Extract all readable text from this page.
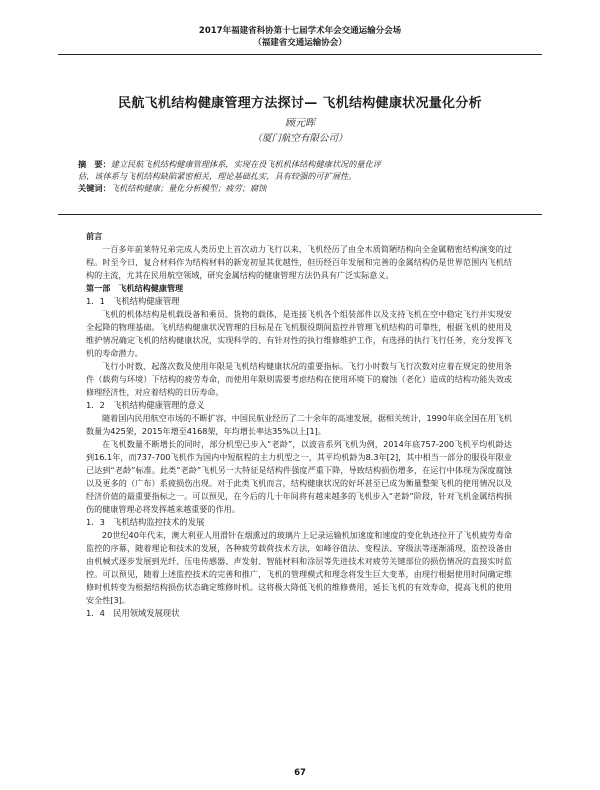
2017年福建省科协第十七届学术年会交通运输分会场
（福建省交通运输协会）
民航飞机结构健康管理方法探讨— 飞机结构健康状况量化分析
顾元晖
（厦门航空有限公司）
摘　要：建立民航飞机结构健康管理体系，实现在役飞机机体结构健康状况的量化评
估，该体系与飞机结构缺陷紧密相关，理论基础扎实，具有较强的可扩展性。
关键词：飞机结构健康；量化分析模型；疲劳；腐蚀

前言

一百多年前莱特兄弟完成人类历史上首次动力飞行以来，飞机经历了由全木质简陋结构向全金属精密结构演变的过程。时至今日，复合材料作为结构材料的新宠初显其优越性，但历经百年发展和完善的金属结构仍是世界范围内飞机结构的主流，尤其在民用航空领域，研究金属结构的健康管理方法仍具有广泛实际意义。

第一部　飞机结构健康管理

1．1　飞机结构健康管理

飞机的机体结构是机载设备和乘员、货物的载体，是连接飞机各个组装部件以及支持飞机在空中稳定飞行并实现安全起降的物理基础。飞机结构健康状况管理的目标是在飞机服役期间监控并管理飞机结构的可靠性，根据飞机的使用及维护情况确定飞机的结构健康状况，实现科学的、有针对性的执行维修维护工作，有选择的执行飞行任务，充分发挥飞机的寿命潜力。

飞行小时数、起落次数及使用年限是飞机结构健康状况的重要指标。飞行小时数与飞行次数对应着在规定的使用条件（载荷与环境）下结构的疲劳寿命，而使用年限则需要考虑结构在使用环境下的腐蚀（老化）造成的结构功能失效或修理经济性，对应着结构的日历寿命。

1．2　飞机结构健康管理的意义

随着国内民用航空市场的不断扩容，中国民航业经历了二十余年的高速发展，据相关统计，1990年底全国在用飞机数量为425架，2015年增至4168架，年均增长率达35%以上[1]。

在飞机数量不断增长的同时，部分机型已步入“老龄”，以波音系列飞机为例，2014年底757-200飞机平均机龄达到16.1年，而737-700飞机作为国内中短航程的主力机型之一，其平均机龄为8.3年[2]，其中相当一部分的服役年限业已达到“老龄”标准。此类“老龄”飞机另一大特征是结构件强度严重下降，导致结构损伤增多，在运行中体现为深度腐蚀以及更多的（广布）系疲损伤出现。对于此类飞机而言，结构健康状况的好坏甚至已成为衡量整架飞机的使用情况以及经济价值的最重要指标之一。可以预见，在今后的几十年间将有越来越多的飞机步入“老龄”阶段，针对飞机金属结构损伤的健康管理必将发挥越来越重要的作用。

1．3　飞机结构监控技术的发展

20世纪40年代末，澳大利亚人用滑针在烟熏过的玻璃片上记录运输机加速度和速度的变化轨迹拉开了飞机疲劳寿命监控的序幕，随着理论和技术的发展，各种疲劳载荷技术方法，如峰谷值法、变程法、穿级法等逐渐涌现，监控设备由由机械式逐步发展到光纤、压电传感器、声发射、智能材料和涂层等先进技术对疲劳关键部位的损伤情况的直接实时监控。可以预见，随着上述监控技术的完善和推广，飞机的管理模式和理念将发生巨大变革，由现行根据使用时间确定维修时机转变为根据结构损伤状态确定维修时机。这将极大降低飞机的维修费用，延长飞机的有效寿命，提高飞机的使用安全性[3]。

1．4　民用领域发展现状

67
